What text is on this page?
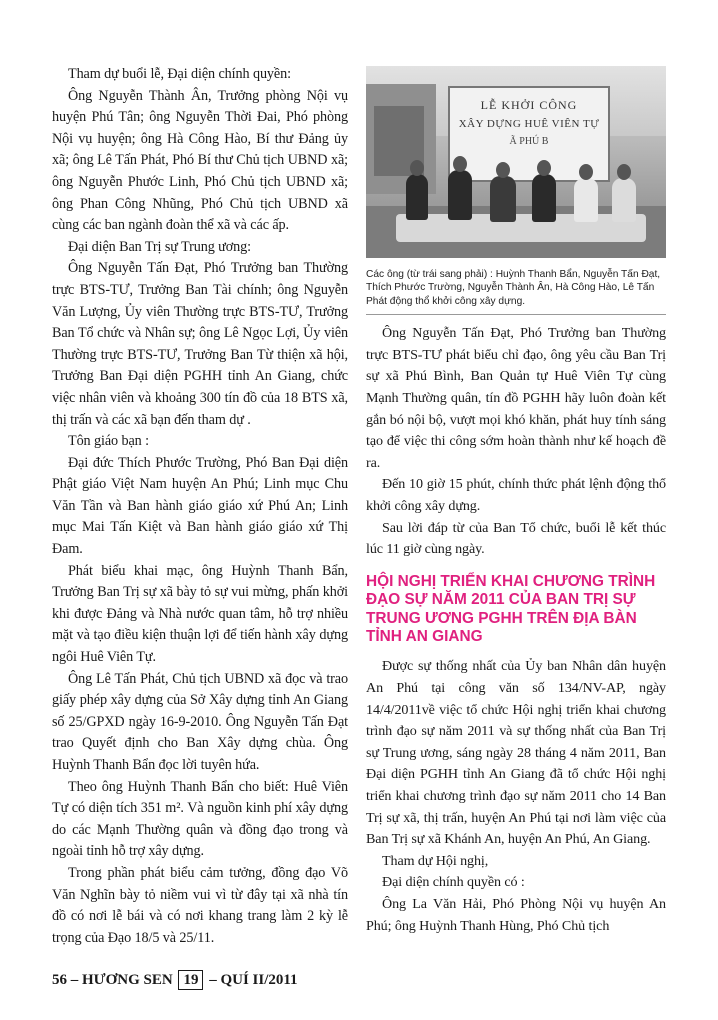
Tham dự buổi lễ, Đại diện chính quyền:

Ông Nguyễn Thành Ân, Trưởng phòng Nội vụ huyện Phú Tân; ông Nguyễn Thời Đai, Phó phòng Nội vụ huyện; ông Hà Công Hào, Bí thư Đảng ủy xã; ông Lê Tấn Phát, Phó Bí thư Chủ tịch UBND xã; ông Nguyễn Phước Linh, Phó Chủ tịch UBND xã; ông Phan Công Nhũng, Phó Chủ tịch UBND xã cùng các ban ngành đoàn thể xã và các ấp.

Đại diện Ban Trị sự Trung ương:

Ông Nguyễn Tấn Đạt, Phó Trưởng ban Thường trực BTS-TƯ, Trưởng Ban Tài chính; ông Nguyễn Văn Lượng, Ủy viên Thường trực BTS-TƯ, Trưởng Ban Tổ chức và Nhân sự; ông Lê Ngọc Lợi, Ủy viên Thường trực BTS-TƯ, Trưởng Ban Từ thiện xã hội, Trưởng Ban Đại diện PGHH tỉnh An Giang, chức việc nhân viên và khoảng 300 tín đồ của 18 BTS xã, thị trấn và các xã bạn đến tham dự .

Tôn giáo bạn :

Đại đức Thích Phước Trường, Phó Ban Đại diện Phật giáo Việt Nam huyện An Phú; Linh mục Chu Văn Tần và Ban hành giáo giáo xứ Phú An; Linh mục Mai Tấn Kiệt và Ban hành giáo giáo xứ Thị Đam.

Phát biểu khai mạc, ông Huỳnh Thanh Bẩn, Trưởng Ban Trị sự xã bày tỏ sự vui mừng, phấn khởi khi được Đảng và Nhà nước quan tâm, hỗ trợ nhiều mặt và tạo điều kiện thuận lợi để tiến hành xây dựng ngôi Huê Viên Tự.

Ông Lê Tấn Phát, Chủ tịch UBND xã đọc và trao giấy phép xây dựng của Sở Xây dựng tỉnh An Giang số 25/GPXD ngày 16-9-2010. Ông Nguyễn Tấn Đạt trao Quyết định cho Ban Xây dựng chùa. Ông Huỳnh Thanh Bẩn đọc lời tuyên hứa.

Theo ông Huỳnh Thanh Bẩn cho biết: Huê Viên Tự có diện tích 351 m². Và nguồn kinh phí xây dựng do các Mạnh Thường quân và đồng đạo trong và ngoài tỉnh hỗ trợ xây dựng.

Trong phần phát biểu cảm tưởng, đồng đạo Võ Văn Nghĩn bày tỏ niềm vui vì từ đây tại xã nhà tín đồ có nơi lễ bái và có nơi khang trang làm 2 kỳ lễ trọng của Đạo 18/5 và 25/11.

LỄ KHỞI CÔNG
XÂY DỰNG HUÊ VIÊN TỰ
Ã PHÚ B

Các ông (từ trái sang phải) : Huỳnh Thanh Bẩn, Nguyễn Tấn Đạt, Thích Phước Trường, Nguyễn Thành Ân, Hà Công Hào, Lê Tấn Phát động thổ khởi công xây dựng.

Ông Nguyễn Tấn Đạt, Phó Trưởng ban Thường trực BTS-TƯ phát biểu chỉ đạo, ông yêu cầu Ban Trị sự xã Phú Bình, Ban Quản tự Huê Viên Tự cùng Mạnh Thường quân, tín đồ PGHH hãy luôn đoàn kết gắn bó nội bộ, vượt mọi khó khăn, phát huy tính sáng tạo để việc thi công sớm hoàn thành như kế hoạch đề ra.

Đến 10 giờ 15 phút, chính thức phát lệnh động thổ khởi công xây dựng.

Sau lời đáp từ của Ban Tổ chức, buổi lễ kết thúc lúc 11 giờ cùng ngày.

HỘI NGHỊ TRIỂN KHAI CHƯƠNG TRÌNH ĐẠO SỰ NĂM 2011 CỦA BAN TRỊ SỰ TRUNG ƯƠNG PGHH TRÊN ĐỊA BÀN TỈNH AN GIANG

Được sự thống nhất của Ủy ban Nhân dân huyện An Phú tại công văn số 134/NV-AP, ngày 14/4/2011về việc tổ chức Hội nghị triển khai chương trình đạo sự năm 2011 và sự thống nhất của Ban Trị sự Trung ương, sáng ngày 28 tháng 4 năm 2011, Ban Đại diện PGHH tỉnh An Giang đã tổ chức Hội nghị triển khai chương trình đạo sự năm 2011 cho 14 Ban Trị sự xã, thị trấn, huyện An Phú tại nơi làm việc của Ban Trị sự xã Khánh An, huyện An Phú, An Giang.

Tham dự Hội nghị,

Đại diện chính quyền có :

Ông La Văn Hải, Phó Phòng Nội vụ huyện An Phú; ông Huỳnh Thanh Hùng, Phó Chủ tịch

56 – HƯƠNG SEN 19 – QUÍ II/2011
